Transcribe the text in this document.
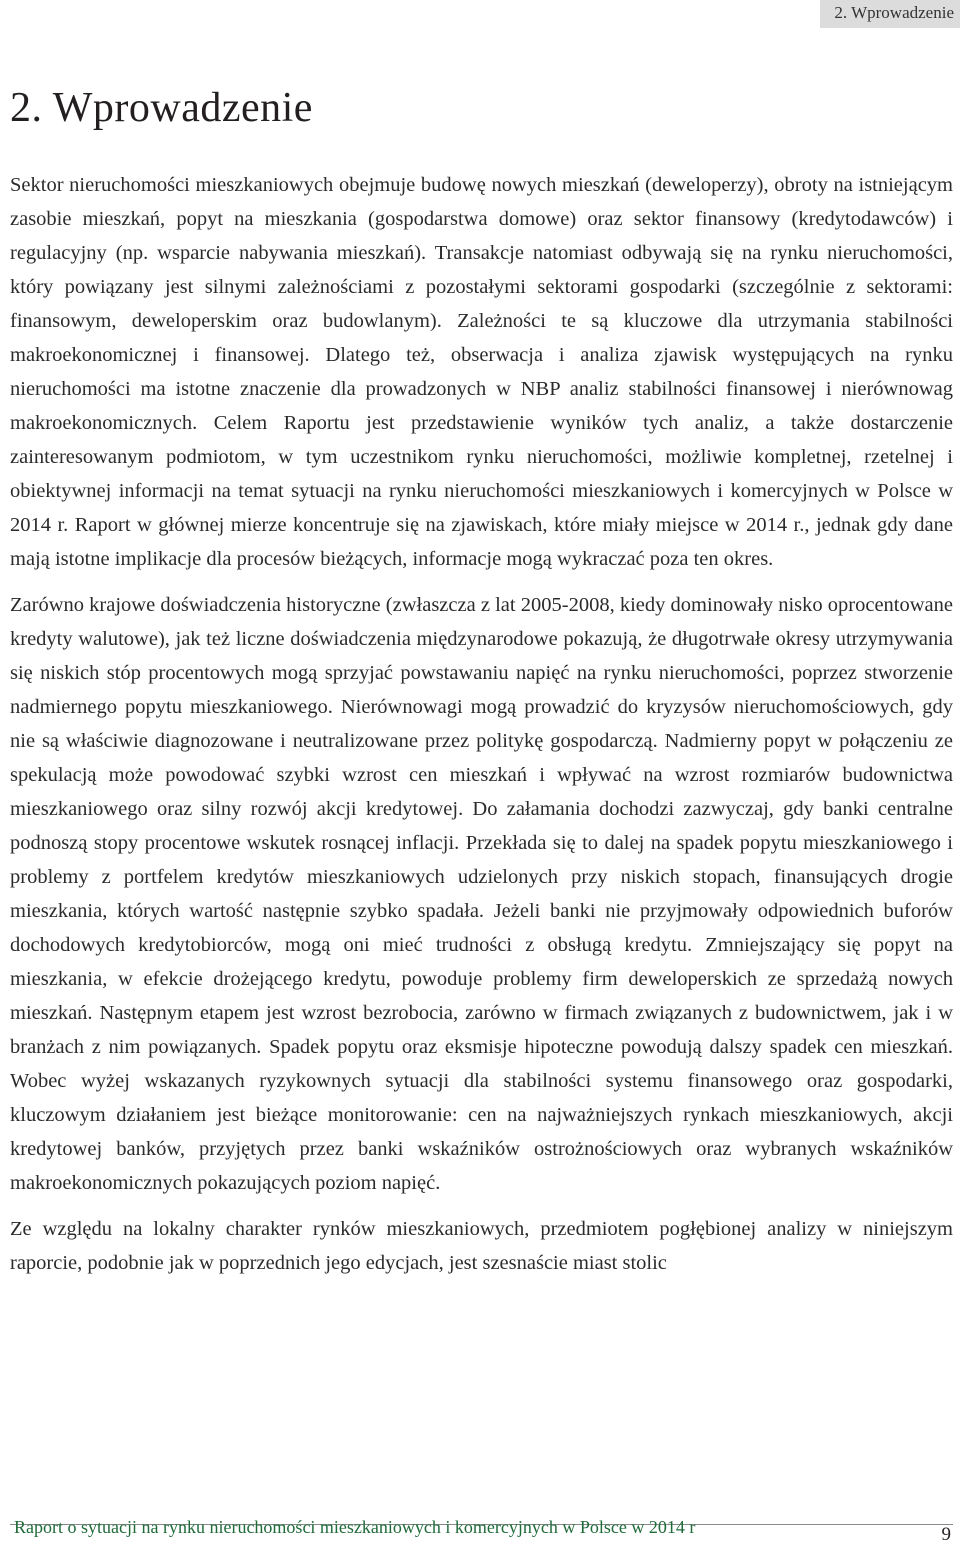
2. Wprowadzenie
2. Wprowadzenie

Sektor nieruchomości mieszkaniowych obejmuje budowę nowych mieszkań (deweloperzy), obroty na istniejącym zasobie mieszkań, popyt na mieszkania (gospodarstwa domowe) oraz sektor finansowy (kredytodawców) i regulacyjny (np. wsparcie nabywania mieszkań). Transakcje natomiast odbywają się na rynku nieruchomości, który powiązany jest silnymi zależnościami z pozostałymi sektorami gospodarki (szczególnie z sektorami: finansowym, deweloperskim oraz budowlanym). Zależności te są kluczowe dla utrzymania stabilności makroekonomicznej i finansowej. Dlatego też, obserwacja i analiza zjawisk występujących na rynku nieruchomości ma istotne znaczenie dla prowadzonych w NBP analiz stabilności finansowej i nierównowag makroekonomicznych. Celem Raportu jest przedstawienie wyników tych analiz, a także dostarczenie zainteresowanym podmiotom, w tym uczestnikom rynku nieruchomości, możliwie kompletnej, rzetelnej i obiektywnej informacji na temat sytuacji na rynku nieruchomości mieszkaniowych i komercyjnych w Polsce w 2014 r. Raport w głównej mierze koncentruje się na zjawiskach, które miały miejsce w 2014 r., jednak gdy dane mają istotne implikacje dla procesów bieżących, informacje mogą wykraczać poza ten okres.

Zarówno krajowe doświadczenia historyczne (zwłaszcza z lat 2005-2008, kiedy dominowały nisko oprocentowane kredyty walutowe), jak też liczne doświadczenia międzynarodowe pokazują, że długotrwałe okresy utrzymywania się niskich stóp procentowych mogą sprzyjać powstawaniu napięć na rynku nieruchomości, poprzez stworzenie nadmiernego popytu mieszkaniowego. Nierównowagi mogą prowadzić do kryzysów nieruchomościowych, gdy nie są właściwie diagnozowane i neutralizowane przez politykę gospodarczą. Nadmierny popyt w połączeniu ze spekulacją może powodować szybki wzrost cen mieszkań i wpływać na wzrost rozmiarów budownictwa mieszkaniowego oraz silny rozwój akcji kredytowej. Do załamania dochodzi zazwyczaj, gdy banki centralne podnoszą stopy procentowe wskutek rosnącej inflacji. Przekłada się to dalej na spadek popytu mieszkaniowego i problemy z portfelem kredytów mieszkaniowych udzielonych przy niskich stopach, finansujących drogie mieszkania, których wartość następnie szybko spadała. Jeżeli banki nie przyjmowały odpowiednich buforów dochodowych kredytobiorców, mogą oni mieć trudności z obsługą kredytu. Zmniejszający się popyt na mieszkania, w efekcie drożejącego kredytu, powoduje problemy firm deweloperskich ze sprzedażą nowych mieszkań. Następnym etapem jest wzrost bezrobocia, zarówno w firmach związanych z budownictwem, jak i w branżach z nim powiązanych. Spadek popytu oraz eksmisje hipoteczne powodują dalszy spadek cen mieszkań. Wobec wyżej wskazanych ryzykownych sytuacji dla stabilności systemu finansowego oraz gospodarki, kluczowym działaniem jest bieżące monitorowanie: cen na najważniejszych rynkach mieszkaniowych, akcji kredytowej banków, przyjętych przez banki wskaźników ostrożnościowych oraz wybranych wskaźników makroekonomicznych pokazujących poziom napięć.

Ze względu na lokalny charakter rynków mieszkaniowych, przedmiotem pogłębionej analizy w niniejszym raporcie, podobnie jak w poprzednich jego edycjach, jest szesnaście miast stolic

Raport o sytuacji na rynku nieruchomości mieszkaniowych i komercyjnych w Polsce w 2014 r	9
